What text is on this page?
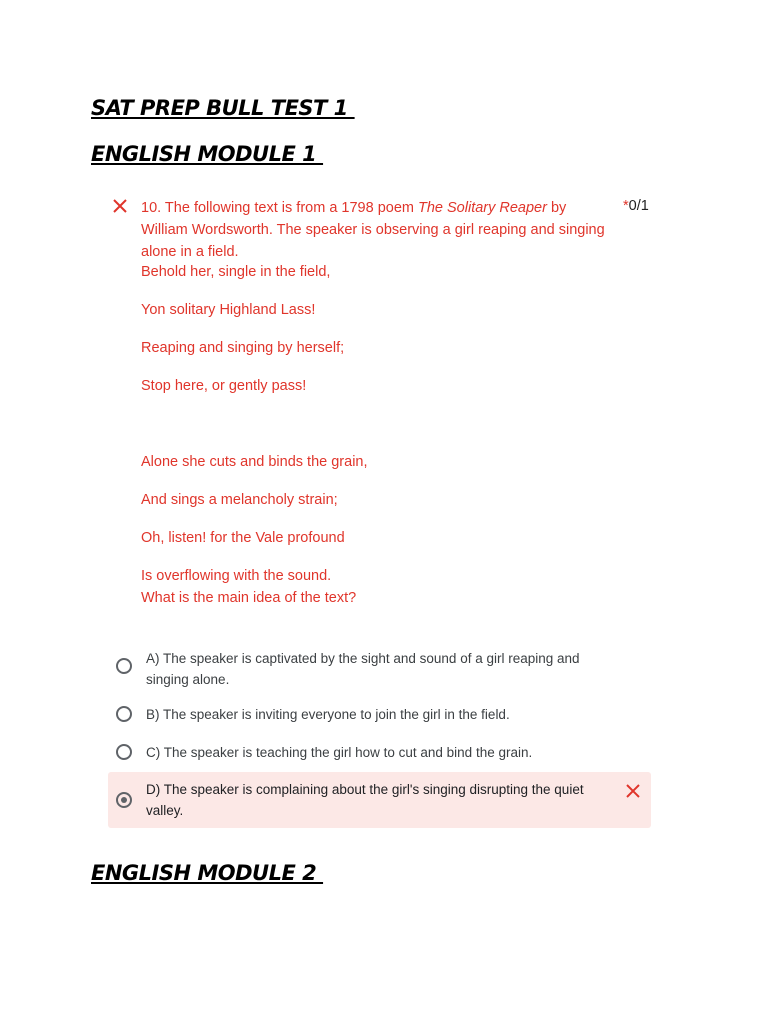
SAT PREP BULL TEST 1

ENGLISH MODULE 1

10. The following text is from a 1798 poem The Solitary Reaper by William Wordsworth. The speaker is observing a girl reaping and singing alone in a field.

*0/1

Behold her, single in the field,

Yon solitary Highland Lass!

Reaping and singing by herself;

Stop here, or gently pass!

Alone she cuts and binds the grain,

And sings a melancholy strain;

Oh, listen! for the Vale profound

Is overflowing with the sound.

What is the main idea of the text?

A) The speaker is captivated by the sight and sound of a girl reaping and singing alone.

B) The speaker is inviting everyone to join the girl in the field.

C) The speaker is teaching the girl how to cut and bind the grain.

D) The speaker is complaining about the girl's singing disrupting the quiet valley.

ENGLISH MODULE 2
